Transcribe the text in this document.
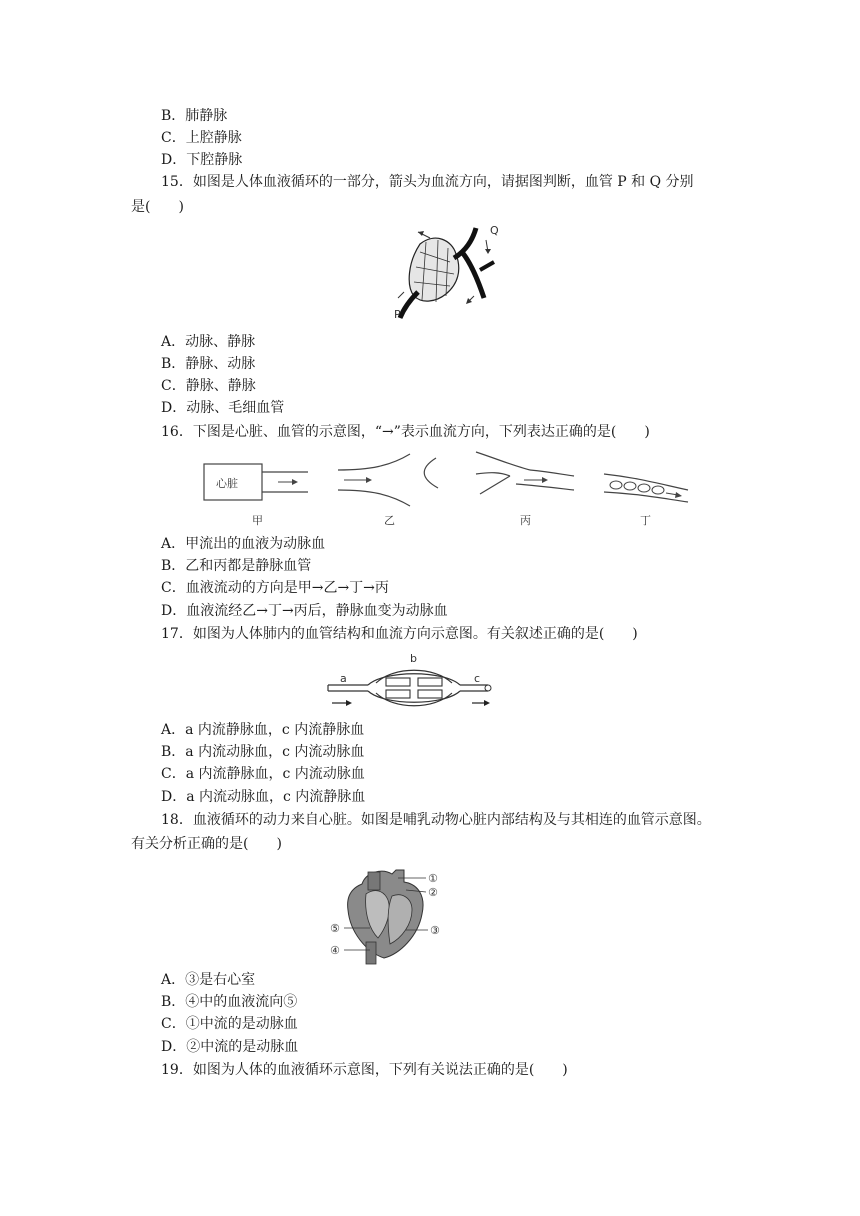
B．肺静脉
C．上腔静脉
D．下腔静脉
15．如图是人体血液循环的一部分，箭头为血流方向，请据图判断，血管 P 和 Q 分别
是(　　)
Q
P
A．动脉、静脉
B．静脉、动脉
C．静脉、静脉
D．动脉、毛细血管
16．下图是心脏、血管的示意图，“→”表示血流方向，下列表达正确的是(　　)
心脏
甲	乙	丙	丁
A．甲流出的血液为动脉血
B．乙和丙都是静脉血管
C．血液流动的方向是甲→乙→丁→丙
D．血液流经乙→丁→丙后，静脉血变为动脉血
17．如图为人体肺内的血管结构和血流方向示意图。有关叙述正确的是(　　)
a
b
c
A．a 内流静脉血，c 内流静脉血
B．a 内流动脉血，c 内流动脉血
C．a 内流静脉血，c 内流动脉血
D．a 内流动脉血，c 内流静脉血
18．血液循环的动力来自心脏。如图是哺乳动物心脏内部结构及与其相连的血管示意图。
有关分析正确的是(　　)
①
②
③
⑤
④
A．③是右心室
B．④中的血液流向⑤
C．①中流的是动脉血
D．②中流的是动脉血
19．如图为人体的血液循环示意图，下列有关说法正确的是(　　)
